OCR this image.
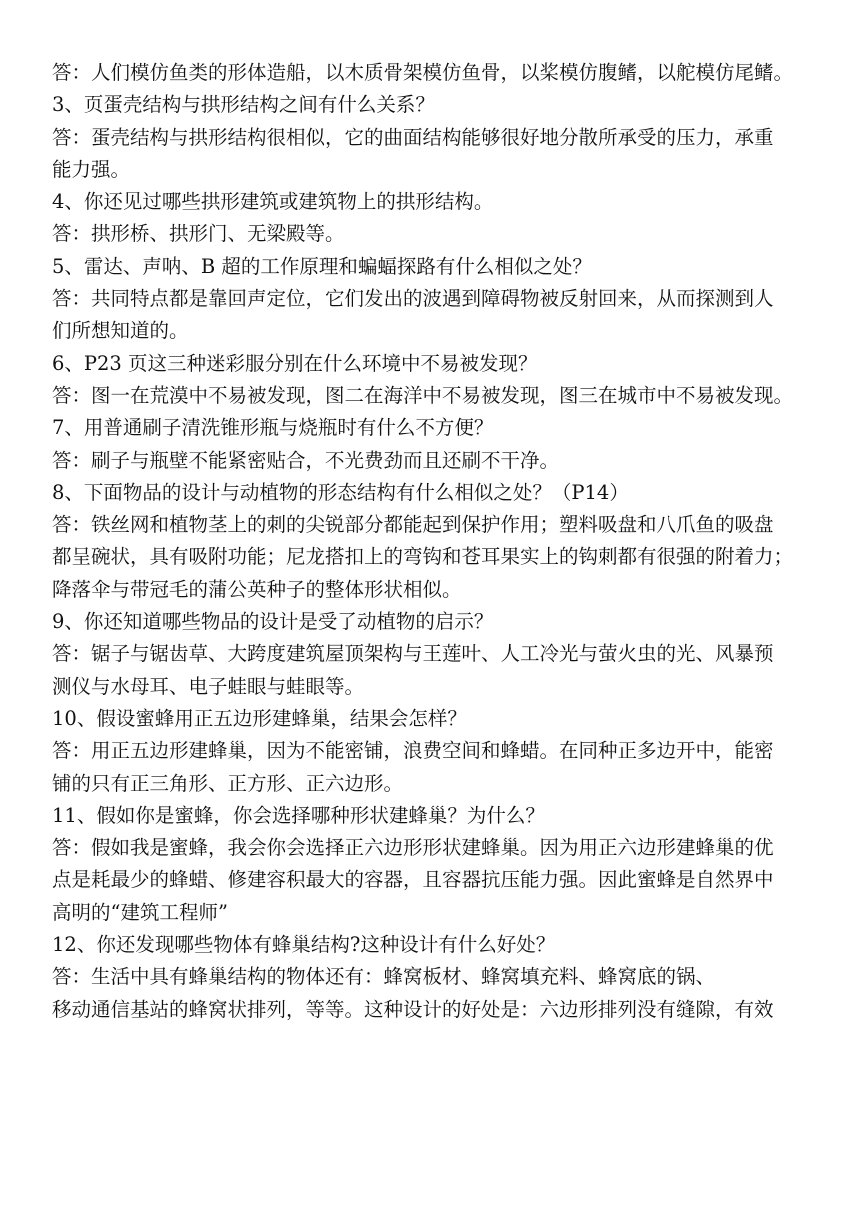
答：人们模仿鱼类的形体造船，以木质骨架模仿鱼骨，以桨模仿腹鳍，以舵模仿尾鳍。
3、页蛋壳结构与拱形结构之间有什么关系？
答：蛋壳结构与拱形结构很相似，它的曲面结构能够很好地分散所承受的压力，承重
能力强。
4、你还见过哪些拱形建筑或建筑物上的拱形结构。
答：拱形桥、拱形门、无梁殿等。
5、雷达、声呐、B 超的工作原理和蝙蝠探路有什么相似之处？
答：共同特点都是靠回声定位，它们发出的波遇到障碍物被反射回来，从而探测到人
们所想知道的。
6、P23 页这三种迷彩服分别在什么环境中不易被发现？
答：图一在荒漠中不易被发现，图二在海洋中不易被发现，图三在城市中不易被发现。
7、用普通刷子清洗锥形瓶与烧瓶时有什么不方便？
答：刷子与瓶壁不能紧密贴合，不光费劲而且还刷不干净。
8、下面物品的设计与动植物的形态结构有什么相似之处？（P14）
答：铁丝网和植物茎上的刺的尖锐部分都能起到保护作用；塑料吸盘和八爪鱼的吸盘
都呈碗状，具有吸附功能；尼龙搭扣上的弯钩和苍耳果实上的钩刺都有很强的附着力；
降落伞与带冠毛的蒲公英种子的整体形状相似。
9、你还知道哪些物品的设计是受了动植物的启示？
答：锯子与锯齿草、大跨度建筑屋顶架构与王莲叶、人工冷光与萤火虫的光、风暴预
测仪与水母耳、电子蛙眼与蛙眼等。
10、假设蜜蜂用正五边形建蜂巢，结果会怎样？
答：用正五边形建蜂巢，因为不能密铺，浪费空间和蜂蜡。在同种正多边开中，能密
铺的只有正三角形、正方形、正六边形。
11、假如你是蜜蜂，你会选择哪种形状建蜂巢？为什么？
答：假如我是蜜蜂，我会你会选择正六边形形状建蜂巢。因为用正六边形建蜂巢的优
点是耗最少的蜂蜡、修建容积最大的容器，且容器抗压能力强。因此蜜蜂是自然界中
高明的“建筑工程师”
12、你还发现哪些物体有蜂巢结构?这种设计有什么好处？
答：生活中具有蜂巢结构的物体还有：蜂窝板材、蜂窝填充料、蜂窝底的锅、
移动通信基站的蜂窝状排列，等等。这种设计的好处是：六边形排列没有缝隙，有效
